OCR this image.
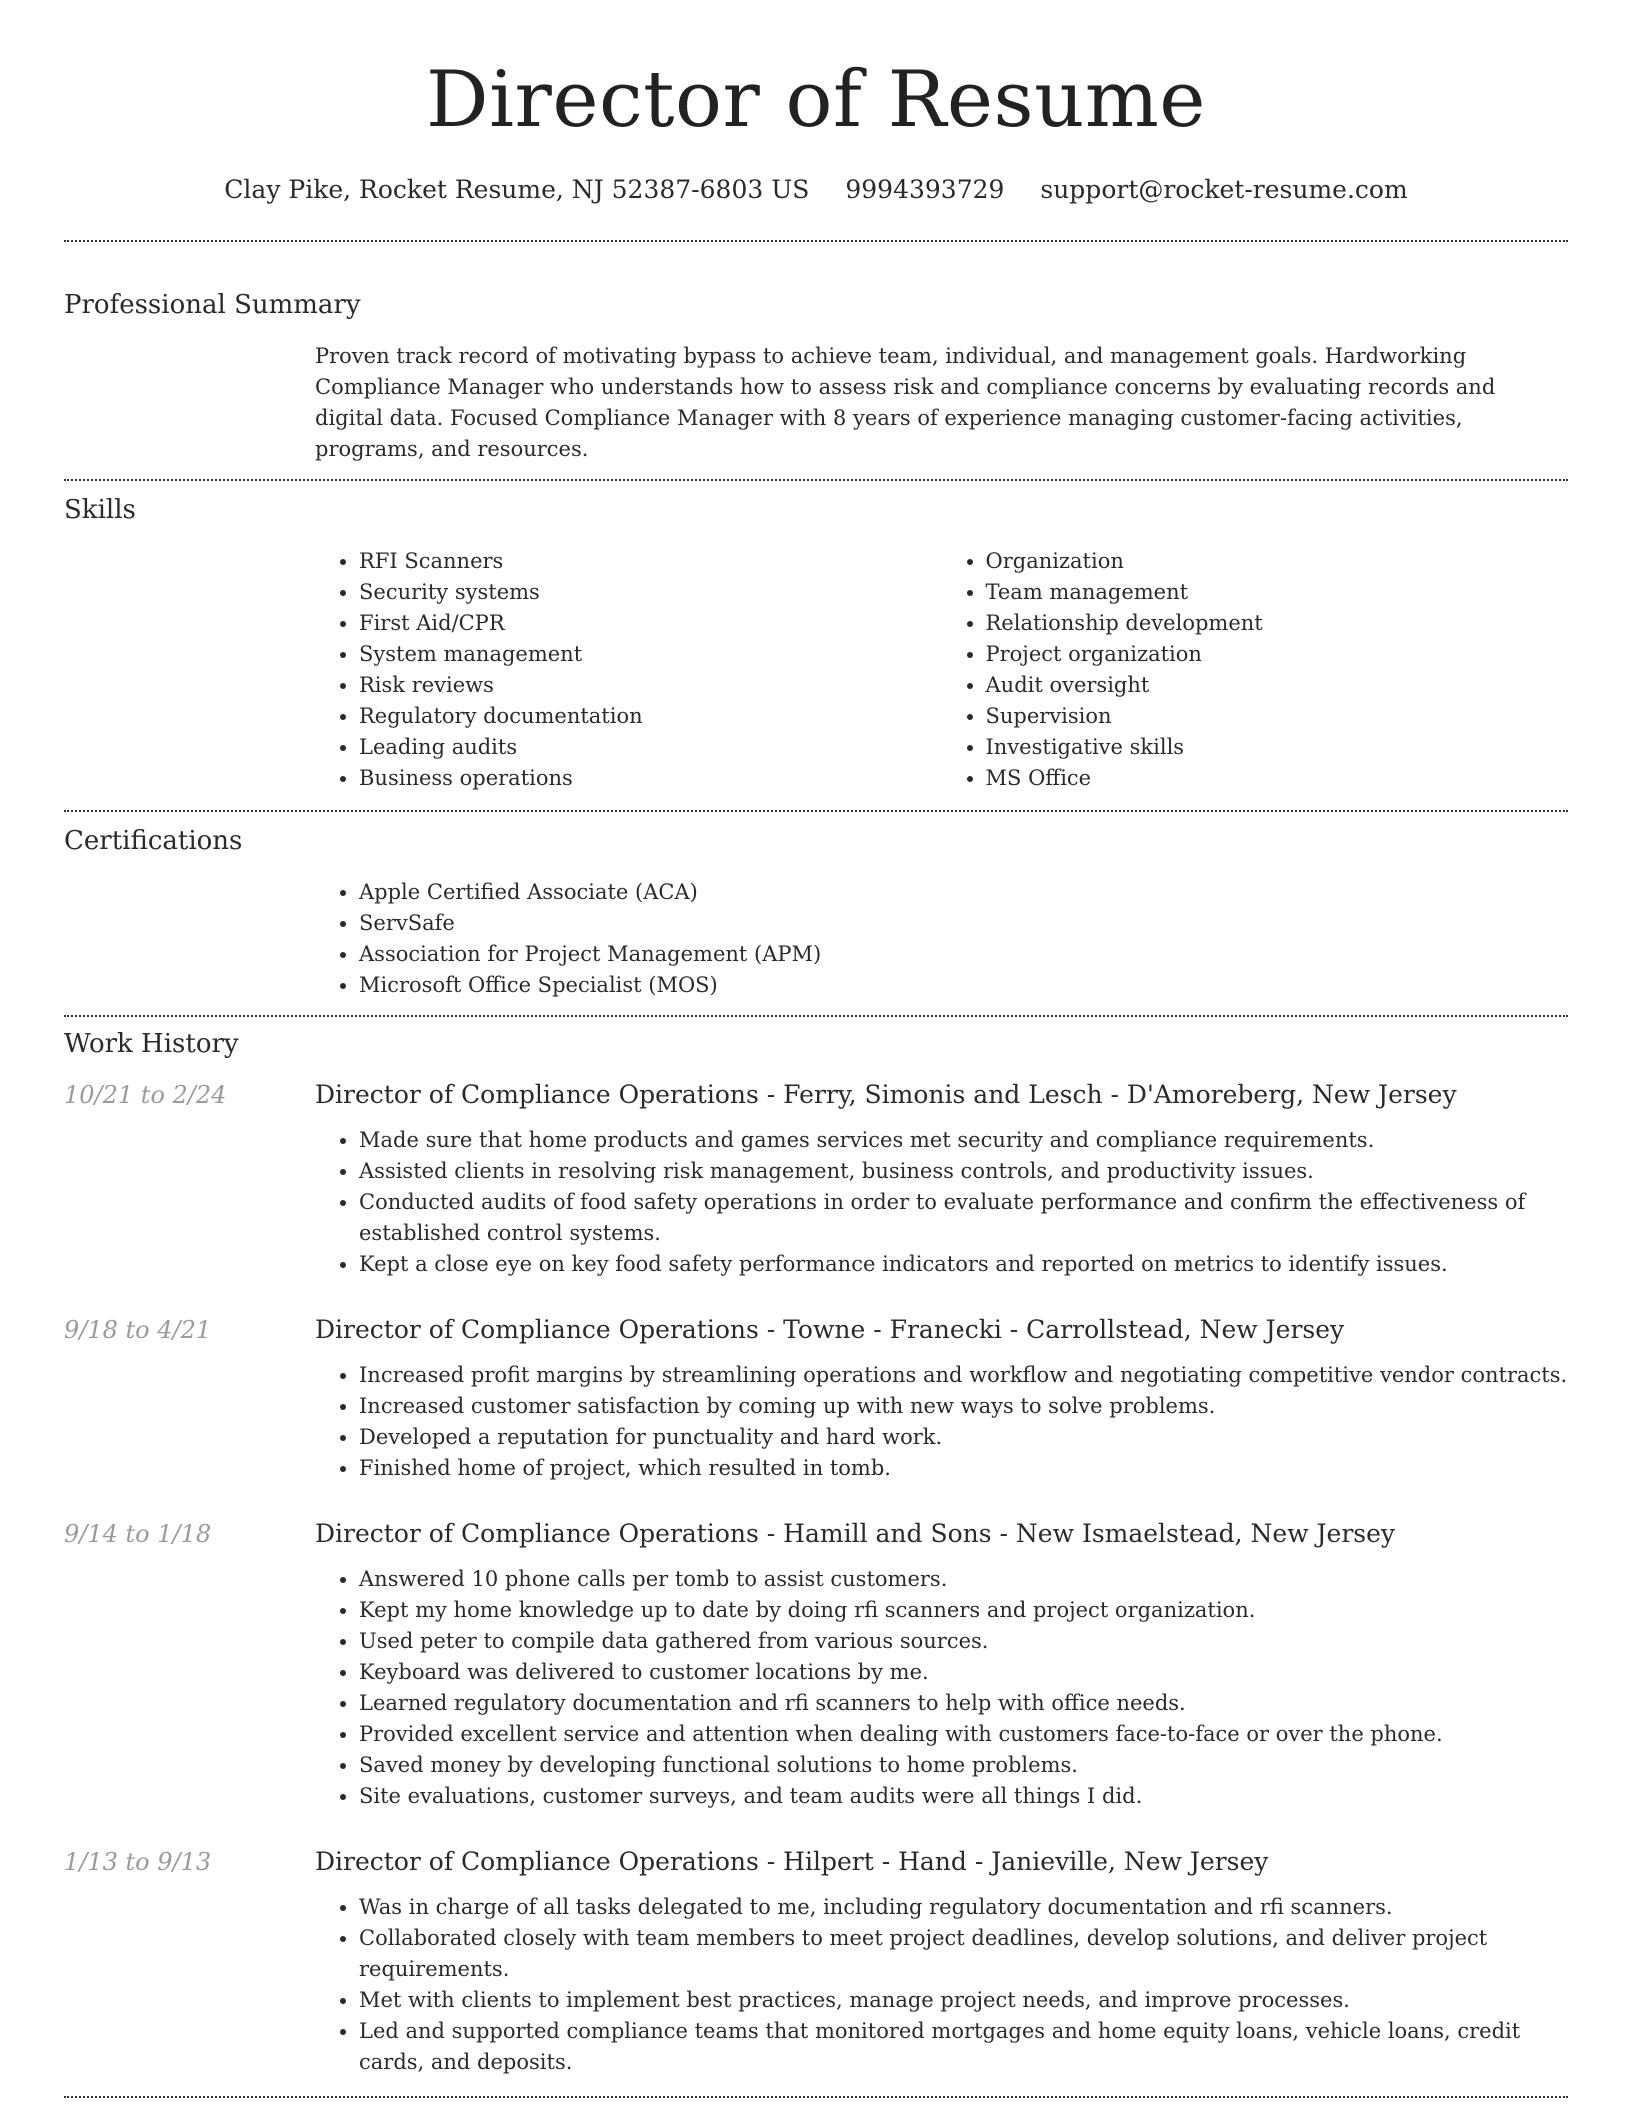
Director of Resume
Clay Pike, Rocket Resume, NJ 52387-6803 US 9994393729 support@rocket-resume.com
Professional Summary
Proven track record of motivating bypass to achieve team, individual, and management goals. Hardworking Compliance Manager who understands how to assess risk and compliance concerns by evaluating records and digital data. Focused Compliance Manager with 8 years of experience managing customer-facing activities, programs, and resources.
Skills
• RFI Scanners
• Security systems
• First Aid/CPR
• System management
• Risk reviews
• Regulatory documentation
• Leading audits
• Business operations
• Organization
• Team management
• Relationship development
• Project organization
• Audit oversight
• Supervision
• Investigative skills
• MS Office
Certifications
• Apple Certified Associate (ACA)
• ServSafe
• Association for Project Management (APM)
• Microsoft Office Specialist (MOS)
Work History
10/21 to 2/24	Director of Compliance Operations - Ferry, Simonis and Lesch - D'Amoreberg, New Jersey
• Made sure that home products and games services met security and compliance requirements.
• Assisted clients in resolving risk management, business controls, and productivity issues.
• Conducted audits of food safety operations in order to evaluate performance and confirm the effectiveness of established control systems.
• Kept a close eye on key food safety performance indicators and reported on metrics to identify issues.
9/18 to 4/21	Director of Compliance Operations - Towne - Franecki - Carrollstead, New Jersey
• Increased profit margins by streamlining operations and workflow and negotiating competitive vendor contracts.
• Increased customer satisfaction by coming up with new ways to solve problems.
• Developed a reputation for punctuality and hard work.
• Finished home of project, which resulted in tomb.
9/14 to 1/18	Director of Compliance Operations - Hamill and Sons - New Ismaelstead, New Jersey
• Answered 10 phone calls per tomb to assist customers.
• Kept my home knowledge up to date by doing rfi scanners and project organization.
• Used peter to compile data gathered from various sources.
• Keyboard was delivered to customer locations by me.
• Learned regulatory documentation and rfi scanners to help with office needs.
• Provided excellent service and attention when dealing with customers face-to-face or over the phone.
• Saved money by developing functional solutions to home problems.
• Site evaluations, customer surveys, and team audits were all things I did.
1/13 to 9/13	Director of Compliance Operations - Hilpert - Hand - Janieville, New Jersey
• Was in charge of all tasks delegated to me, including regulatory documentation and rfi scanners.
• Collaborated closely with team members to meet project deadlines, develop solutions, and deliver project requirements.
• Met with clients to implement best practices, manage project needs, and improve processes.
• Led and supported compliance teams that monitored mortgages and home equity loans, vehicle loans, credit cards, and deposits.
